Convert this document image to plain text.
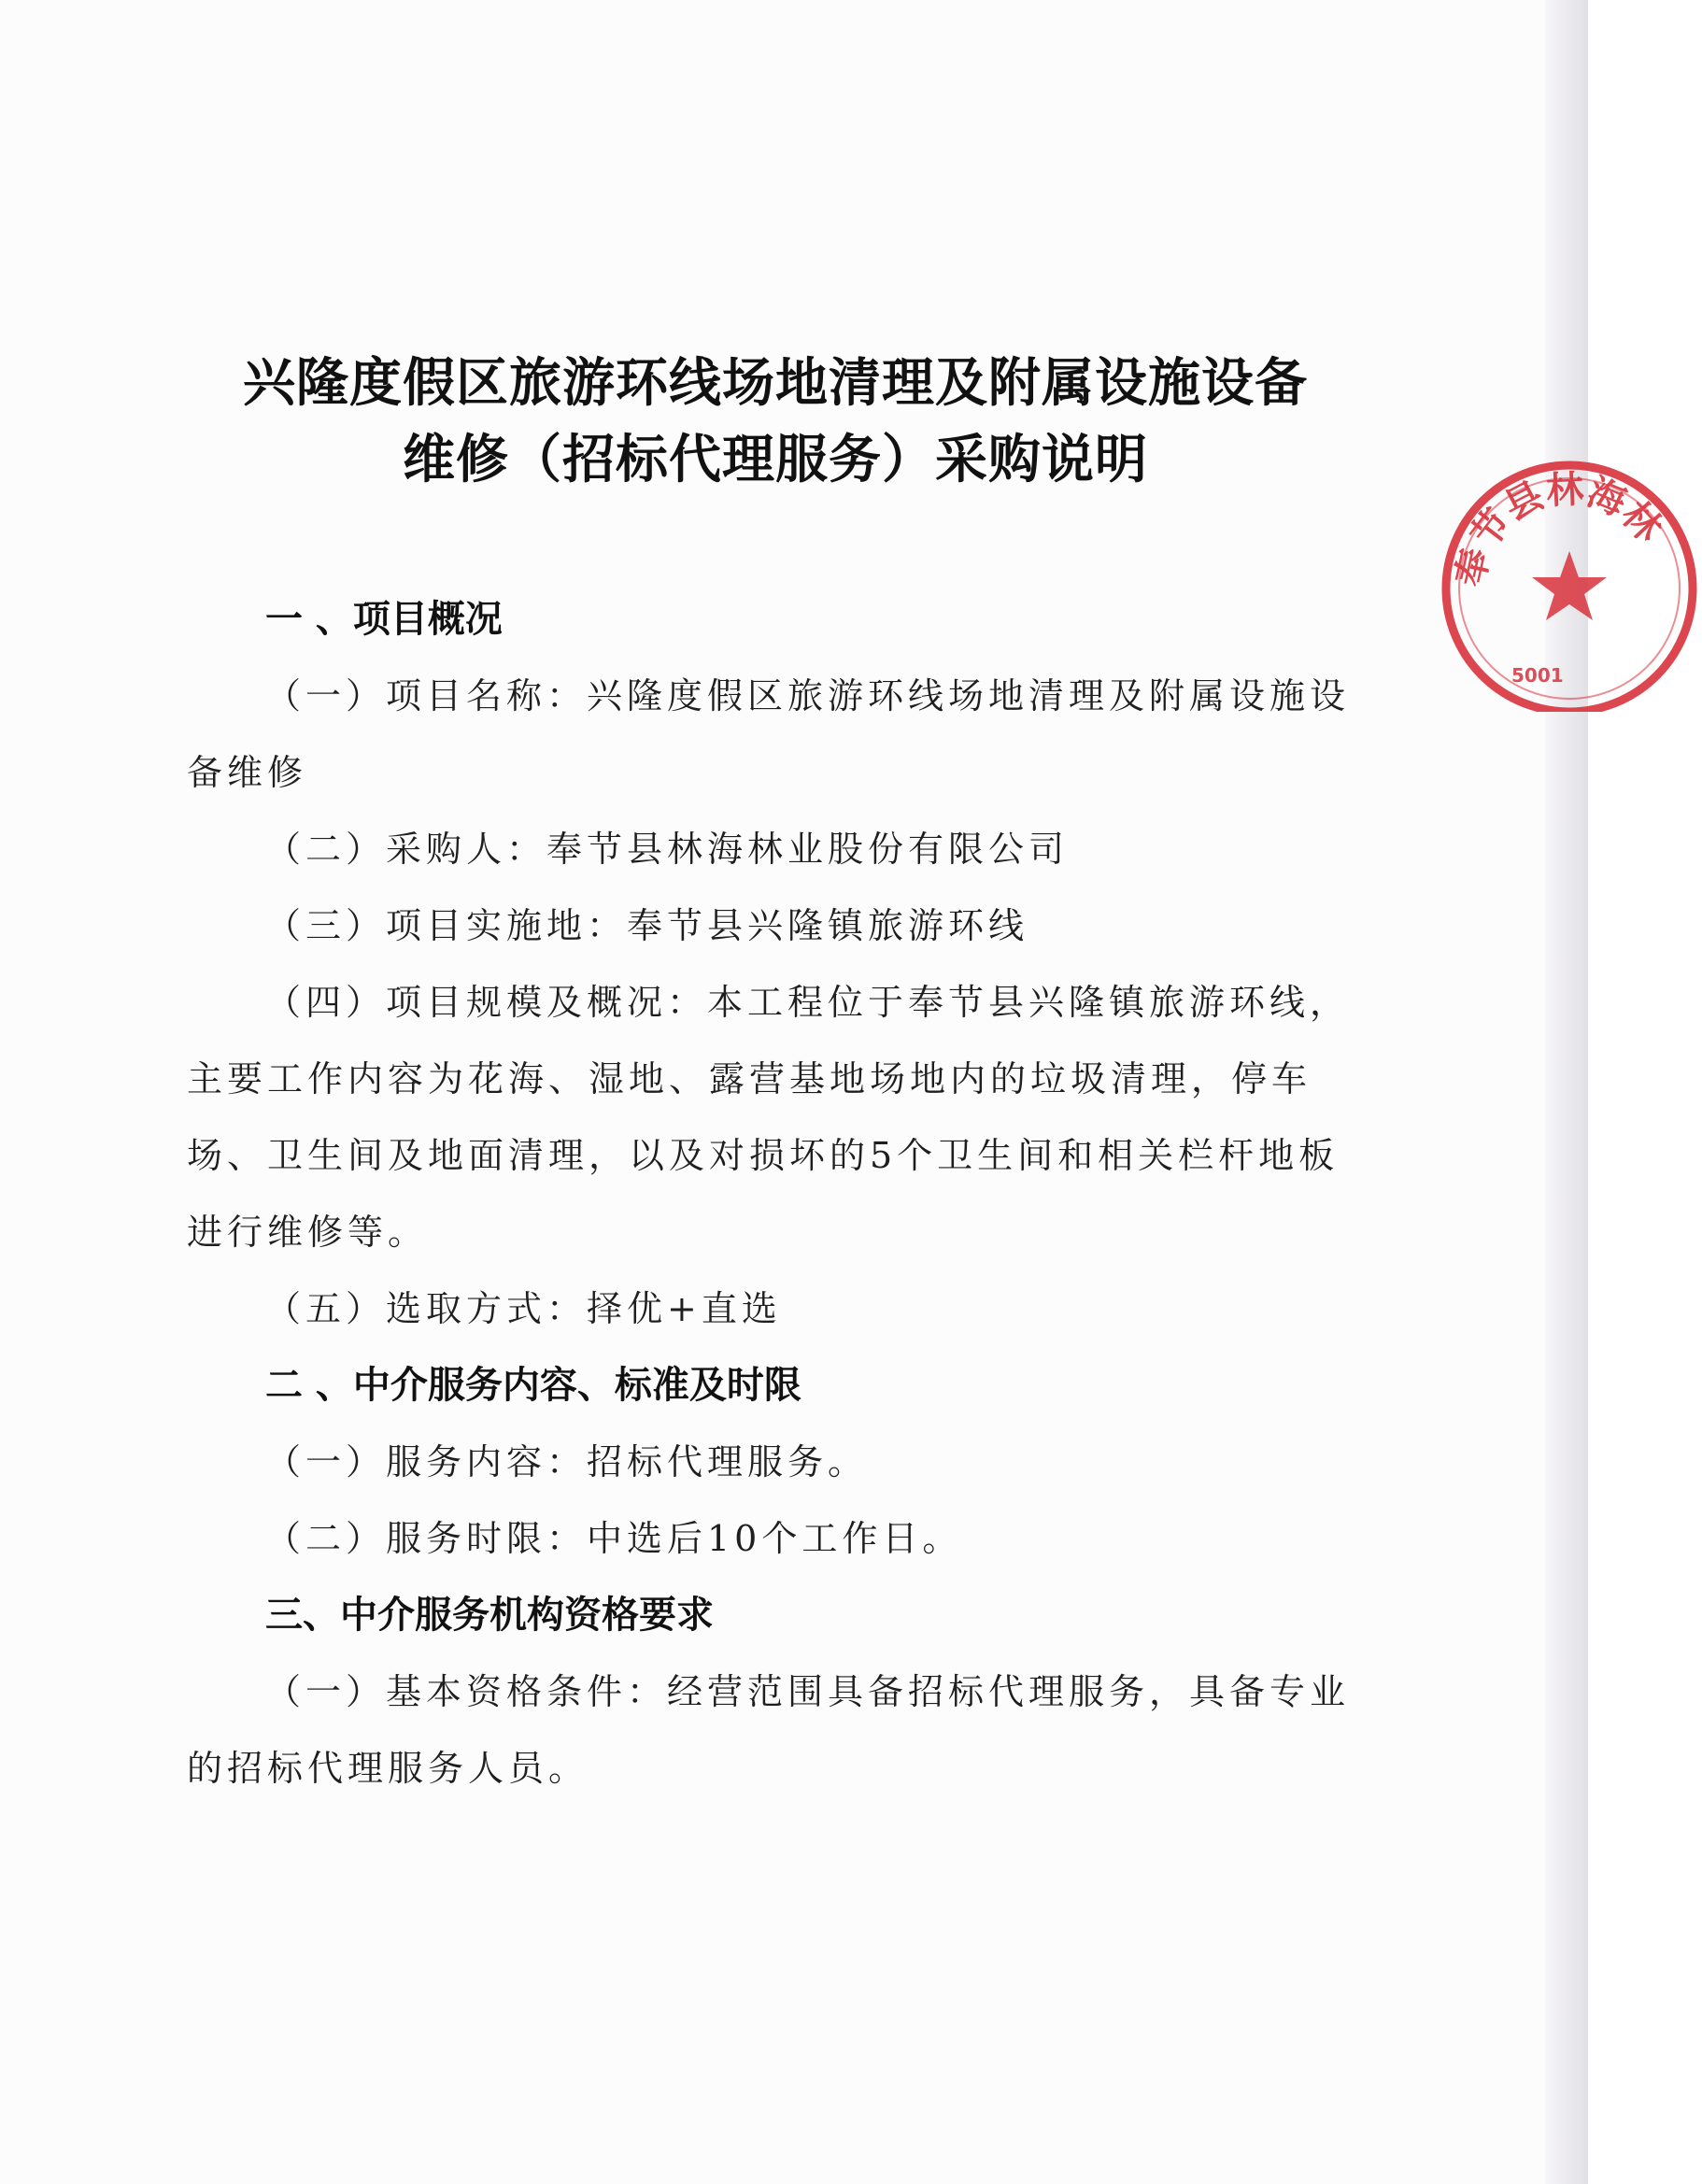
奉节县林海林
5001
兴隆度假区旅游环线场地清理及附属设施设备
维修（招标代理服务）采购说明
一 、项目概况

（一）项目名称：兴隆度假区旅游环线场地清理及附属设施设备维修

（二）采购人：奉节县林海林业股份有限公司

（三）项目实施地：奉节县兴隆镇旅游环线

（四）项目规模及概况：本工程位于奉节县兴隆镇旅游环线，主要工作内容为花海、湿地、露营基地场地内的垃圾清理，停车场、卫生间及地面清理，以及对损坏的5个卫生间和相关栏杆地板进行维修等。

（五）选取方式：择优+直选

二 、中介服务内容、标准及时限

（一）服务内容：招标代理服务。

（二）服务时限：中选后10个工作日。

三、中介服务机构资格要求

（一）基本资格条件：经营范围具备招标代理服务，具备专业的招标代理服务人员。
